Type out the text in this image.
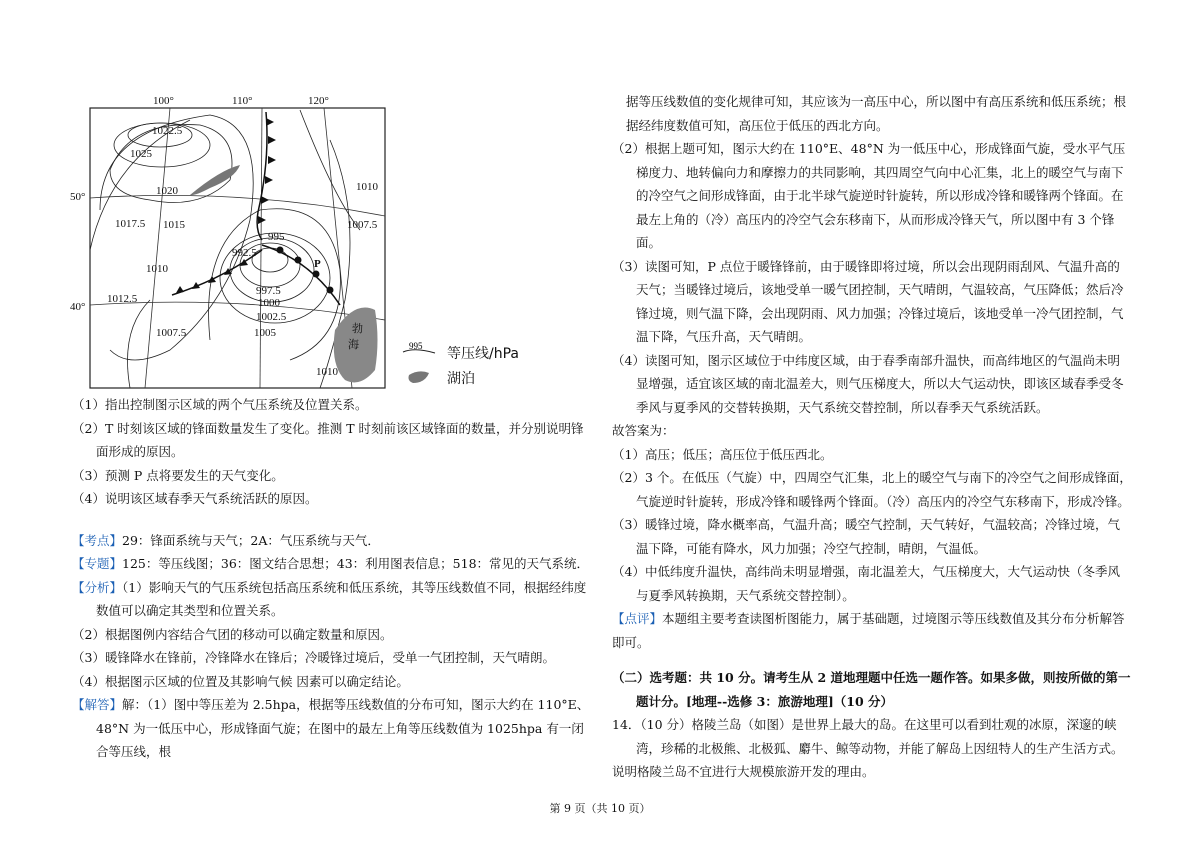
100°	110°	120°
50°
40°
1022.5
1025
1020
1017.5 1015
1010
1012.5
1007.5
992.5
995
997.5
1000
1002.5
1005
1010
1007.5
1010
P
勃
海	995 等压线/hPa
湖泊

（1）指出控制图示区域的两个气压系统及位置关系。

（2）T 时刻该区域的锋面数量发生了变化。推测 T 时刻前该区域锋面的数量，并分别说明锋面形成的原因。

（3）预测 P 点将要发生的天气变化。

（4）说明该区域春季天气系统活跃的原因。

【考点】29：锋面系统与天气；2A：气压系统与天气．

【专题】125：等压线图；36：图文结合思想；43：利用图表信息；518：常见的天气系统．

【分析】（1）影响天气的气压系统包括高压系统和低压系统，其等压线数值不同，根据经纬度数值可以确定其类型和位置关系。

（2）根据图例内容结合气团的移动可以确定数量和原因。

（3）暖锋降水在锋前，冷锋降水在锋后；冷暖锋过境后，受单一气团控制，天气晴朗。

（4）根据图示区域的位置及其影响气候 因素可以确定结论。

【解答】解：（1）图中等压差为 2.5hpa，根据等压线数值的分布可知，图示大约在 110°E、48°N 为一低压中心，形成锋面气旋；在图中的最左上角等压线数值为 1025hpa 有一闭合等压线，根

据等压线数值的变化规律可知，其应该为一高压中心，所以图中有高压系统和低压系统；根据经纬度数值可知，高压位于低压的西北方向。

（2）根据上题可知，图示大约在 110°E、48°N 为一低压中心，形成锋面气旋，受水平气压梯度力、地转偏向力和摩擦力的共同影响，其四周空气向中心汇集，北上的暖空气与南下的冷空气之间形成锋面，由于北半球气旋逆时针旋转，所以形成冷锋和暖锋两个锋面。在最左上角的（冷）高压内的冷空气会东移南下，从而形成冷锋天气，所以图中有 3 个锋面。

（3）读图可知，P 点位于暖锋锋前，由于暖锋即将过境，所以会出现阴雨刮风、气温升高的天气；当暖锋过境后，该地受单一暖气团控制，天气晴朗，气温较高，气压降低；然后冷锋过境，则气温下降，会出现阴雨、风力加强；冷锋过境后，该地受单一冷气团控制，气温下降，气压升高，天气晴朗。

（4）读图可知，图示区域位于中纬度区域，由于春季南部升温快，而高纬地区的气温尚未明显增强，适宜该区域的南北温差大，则气压梯度大，所以大气运动快，即该区域春季受冬季风与夏季风的交替转换期，天气系统交替控制，所以春季天气系统活跃。

故答案为：

（1）高压；低压；高压位于低压西北。

（2）3 个。在低压（气旋）中，四周空气汇集，北上的暖空气与南下的冷空气之间形成锋面，气旋逆时针旋转，形成冷锋和暖锋两个锋面。（冷）高压内的冷空气东移南下，形成冷锋。

（3）暖锋过境，降水概率高，气温升高；暖空气控制，天气转好，气温较高；冷锋过境，气温下降，可能有降水，风力加强；冷空气控制，晴朗，气温低。

（4）中低纬度升温快，高纬尚未明显增强，南北温差大，气压梯度大，大气运动快（冬季风与夏季风转换期，天气系统交替控制）。

【点评】本题组主要考查读图析图能力，属于基础题，过境图示等压线数值及其分布分析解答即可。

（二）选考题：共 10 分。请考生从 2 道地理题中任选一题作答。如果多做，则按所做的第一题计分。[地理--选修 3：旅游地理]（10 分）

14．（10 分）格陵兰岛（如图）是世界上最大的岛。在这里可以看到壮观的冰原，深邃的峡湾，珍稀的北极熊、北极狐、麝牛、鲸等动物，并能了解岛上因纽特人的生产生活方式。

说明格陵兰岛不宜进行大规模旅游开发的理由。

第 9 页（共 10 页）
